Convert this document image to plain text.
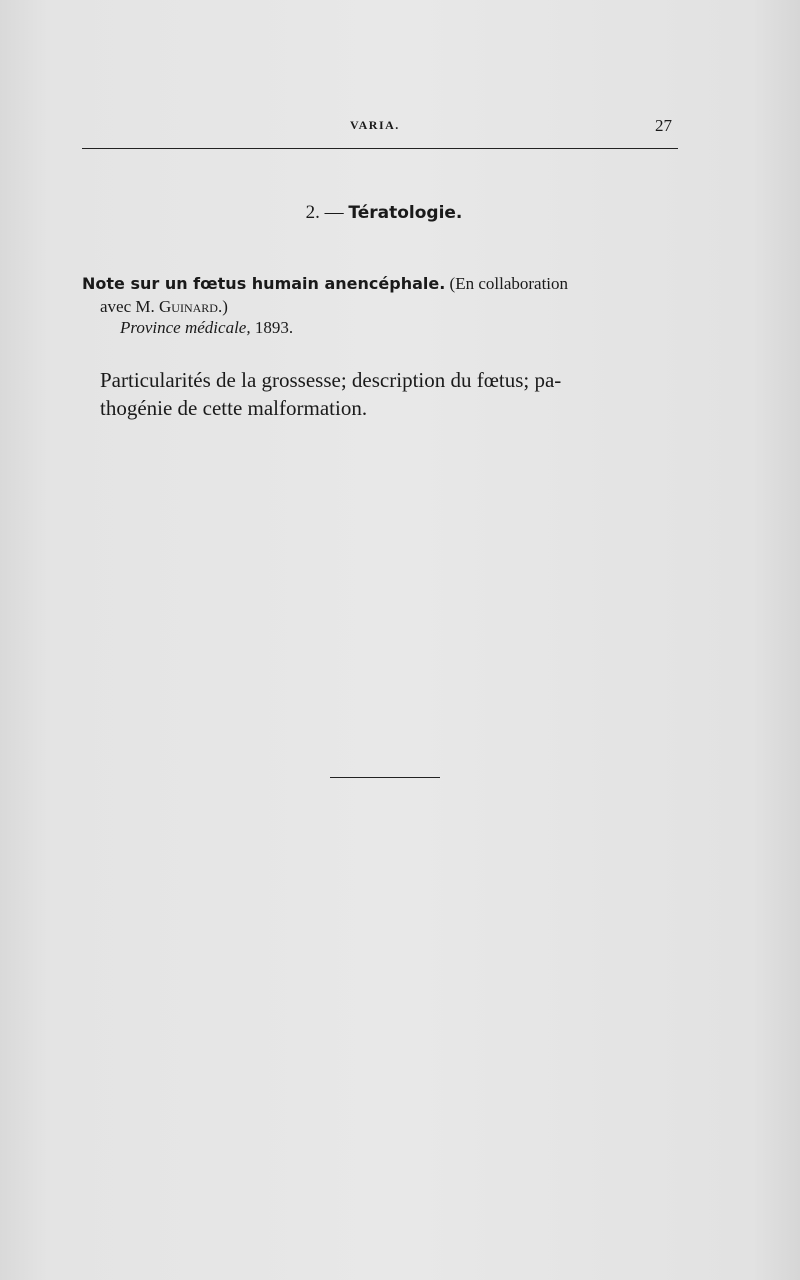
VARIA.	27
2. — Tératologie.
Note sur un fœtus humain anencéphale. (En collaboration
avec M. Guinard.)
Province médicale, 1893.
Particularités de la grossesse; description du fœtus; pa-
thogénie de cette malformation.
